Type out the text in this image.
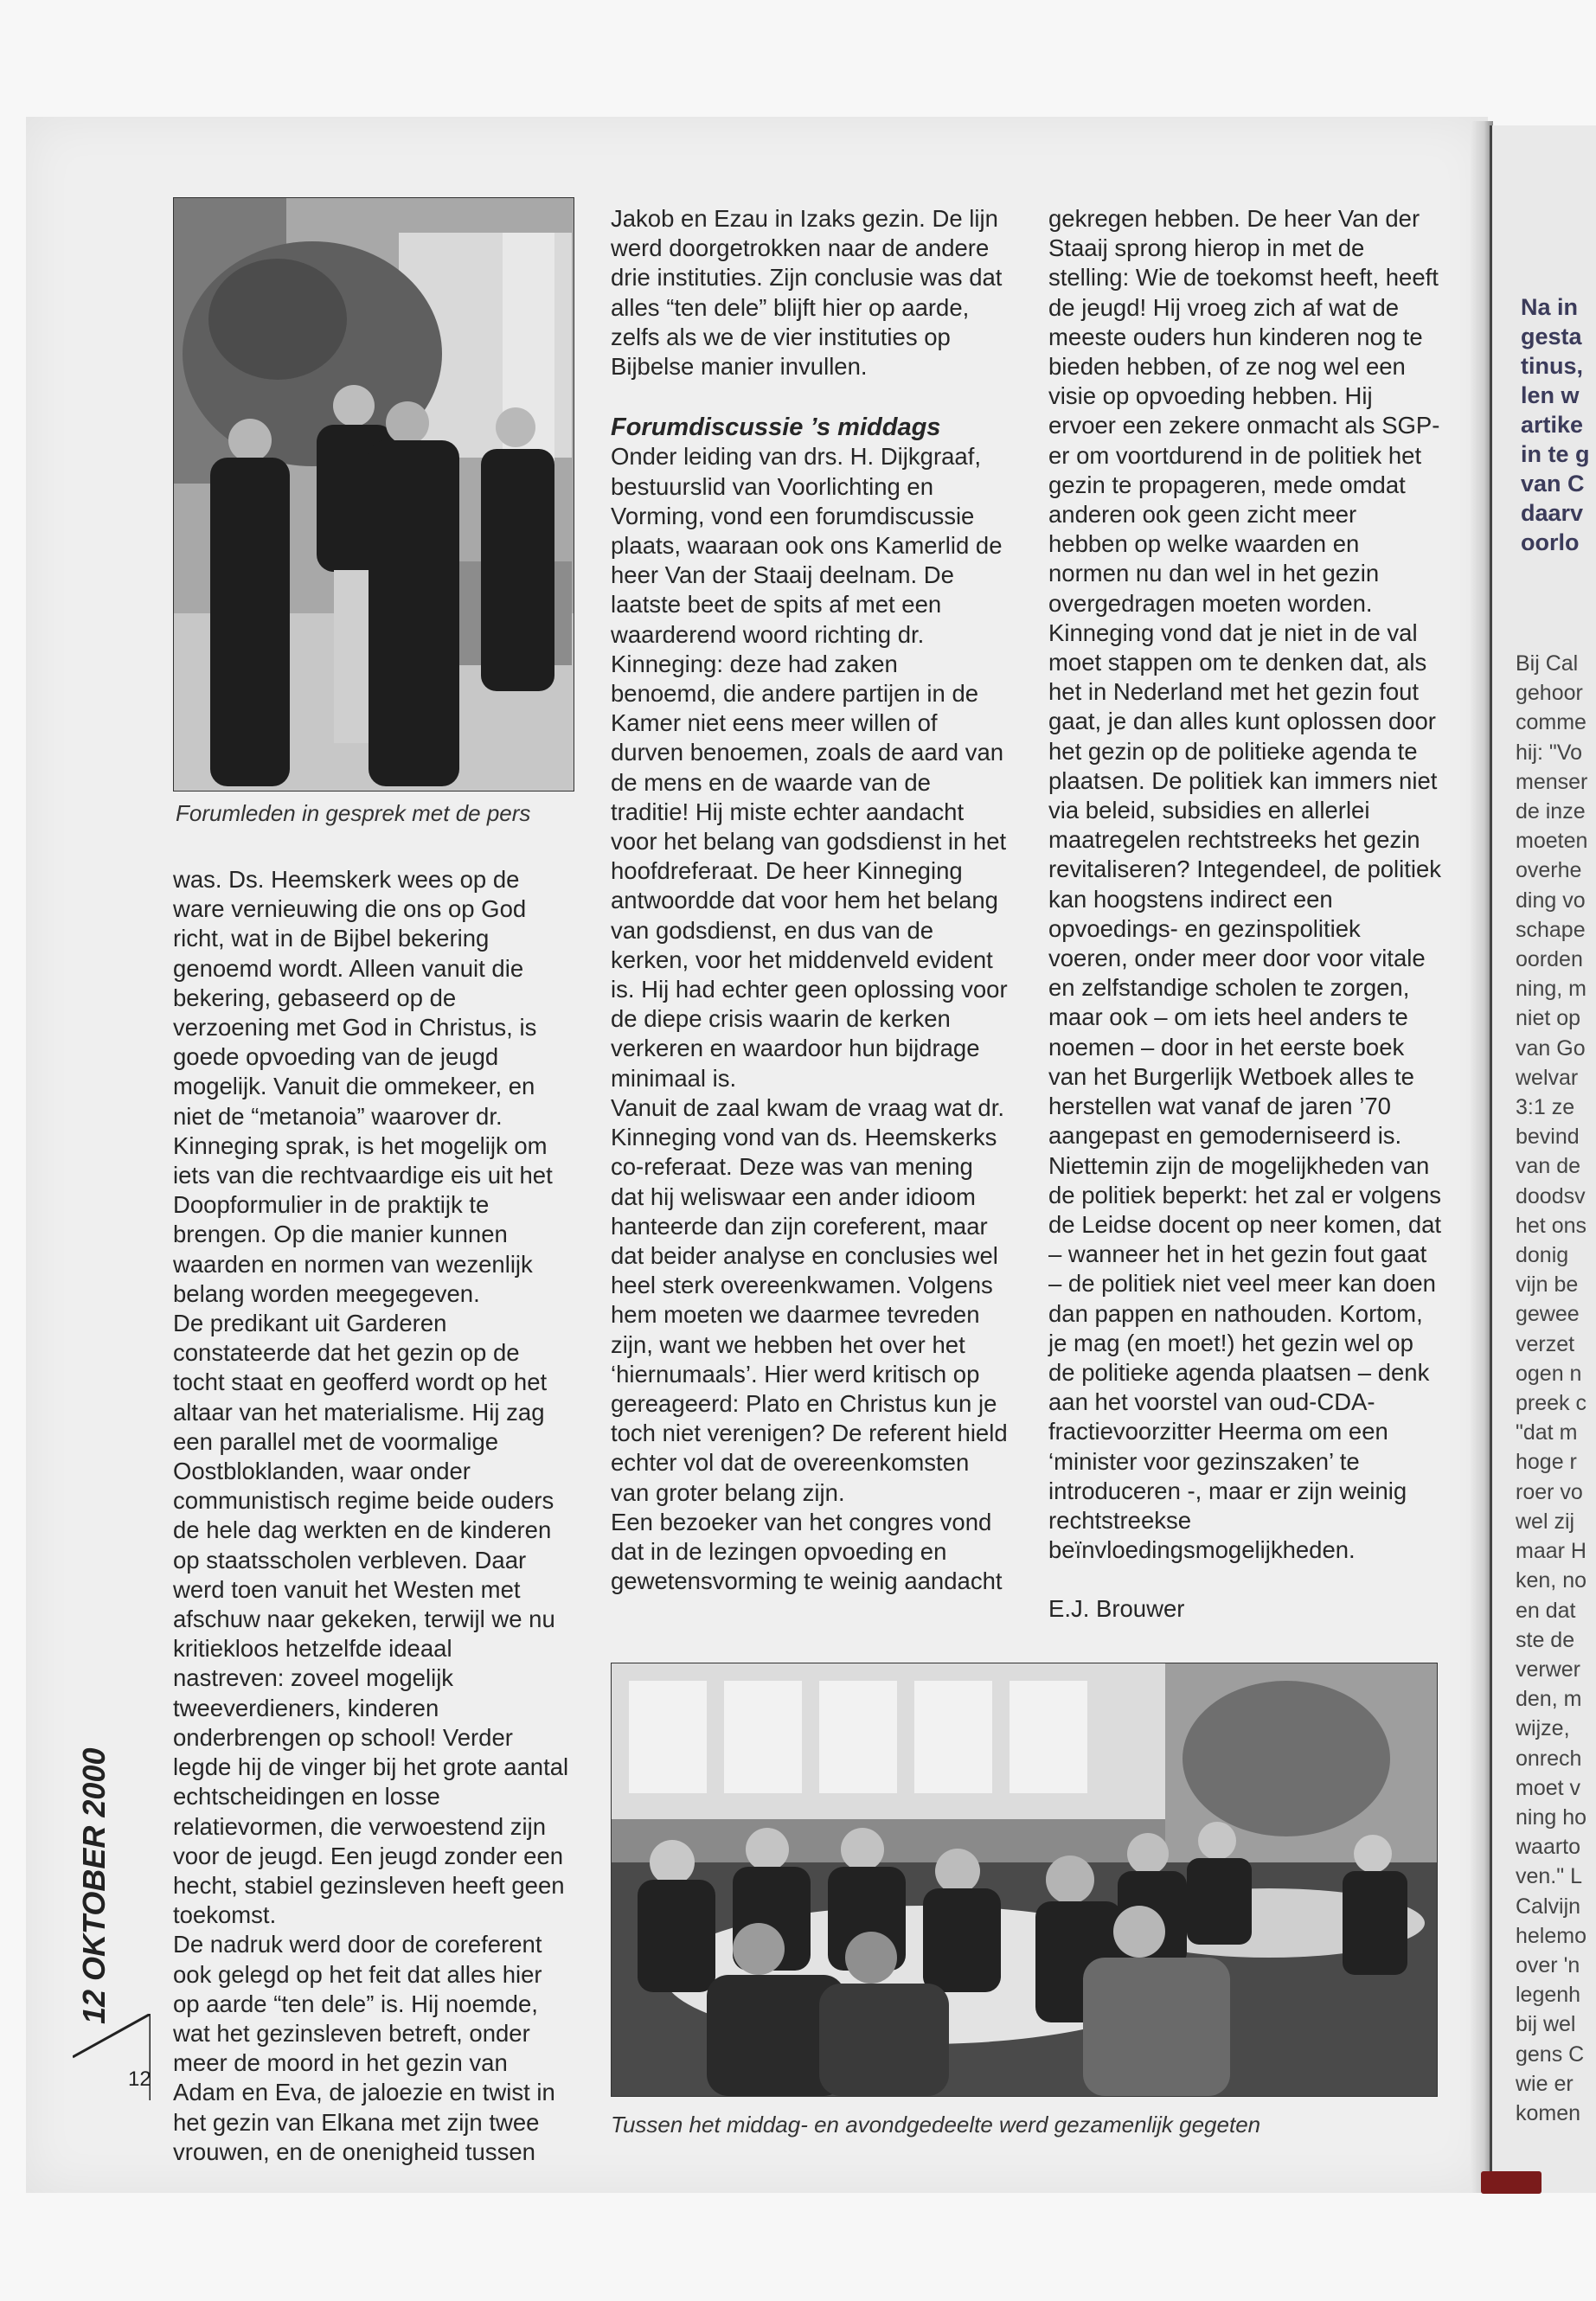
Forumleden in gesprek met de pers

was. Ds. Heemskerk wees op de ware vernieuwing die ons op God richt, wat in de Bijbel bekering genoemd wordt. Alleen vanuit die bekering, gebaseerd op de verzoening met God in Christus, is goede opvoeding van de jeugd mogelijk. Vanuit die ommekeer, en niet de “metanoia” waarover dr. Kinneging sprak, is het mogelijk om iets van die rechtvaardige eis uit het Doopformulier in de praktijk te brengen. Op die manier kunnen waarden en normen van wezenlijk belang worden meegegeven.

De predikant uit Garderen constateerde dat het gezin op de tocht staat en geofferd wordt op het altaar van het materialisme. Hij zag een parallel met de voormalige Oostbloklanden, waar onder communistisch regime beide ouders de hele dag werkten en de kinderen op staatsscholen verbleven. Daar werd toen vanuit het Westen met afschuw naar gekeken, terwijl we nu kritiekloos hetzelfde ideaal nastreven: zoveel mogelijk tweeverdieners, kinderen onderbrengen op school! Verder legde hij de vinger bij het grote aantal echtscheidingen en losse relatievormen, die verwoestend zijn voor de jeugd. Een jeugd zonder een hecht, stabiel gezinsleven heeft geen toekomst.

De nadruk werd door de coreferent ook gelegd op het feit dat alles hier op aarde “ten dele” is. Hij noemde, wat het gezinsleven betreft, onder meer de moord in het gezin van Adam en Eva, de jaloezie en twist in het gezin van Elkana met zijn twee vrouwen, en de onenigheid tussen

Jakob en Ezau in Izaks gezin. De lijn werd doorgetrokken naar de andere drie instituties. Zijn conclusie was dat alles “ten dele” blijft hier op aarde, zelfs als we de vier instituties op Bijbelse manier invullen.

Forumdiscussie ’s middags

Onder leiding van drs. H. Dijkgraaf, bestuurslid van Voorlichting en Vorming, vond een forumdiscussie plaats, waaraan ook ons Kamerlid de heer Van der Staaij deelnam. De laatste beet de spits af met een waarderend woord richting dr. Kinneging: deze had zaken benoemd, die andere partijen in de Kamer niet eens meer willen of durven benoemen, zoals de aard van de mens en de waarde van de traditie! Hij miste echter aandacht voor het belang van godsdienst in het hoofdreferaat. De heer Kinneging antwoordde dat voor hem het belang van godsdienst, en dus van de kerken, voor het middenveld evident is. Hij had echter geen oplossing voor de diepe crisis waarin de kerken verkeren en waardoor hun bijdrage minimaal is.

Vanuit de zaal kwam de vraag wat dr. Kinneging vond van ds. Heemskerks co-referaat. Deze was van mening dat hij weliswaar een ander idioom hanteerde dan zijn coreferent, maar dat beider analyse en conclusies wel heel sterk overeenkwamen. Volgens hem moeten we daarmee tevreden zijn, want we hebben het over het ‘hiernumaals’. Hier werd kritisch op gereageerd: Plato en Christus kun je toch niet verenigen? De referent hield echter vol dat de overeenkomsten van groter belang zijn.

Een bezoeker van het congres vond dat in de lezingen opvoeding en gewetensvorming te weinig aandacht

gekregen hebben. De heer Van der Staaij sprong hierop in met de stelling: Wie de toekomst heeft, heeft de jeugd! Hij vroeg zich af wat de meeste ouders hun kinderen nog te bieden hebben, of ze nog wel een visie op opvoeding hebben. Hij ervoer een zekere onmacht als SGP-er om voortdurend in de politiek het gezin te propageren, mede omdat anderen ook geen zicht meer hebben op welke waarden en normen nu dan wel in het gezin overgedragen moeten worden. Kinneging vond dat je niet in de val moet stappen om te denken dat, als het in Nederland met het gezin fout gaat, je dan alles kunt oplossen door het gezin op de politieke agenda te plaatsen. De politiek kan immers niet via beleid, subsidies en allerlei maatregelen rechtstreeks het gezin revitaliseren? Integendeel, de politiek kan hoogstens indirect een opvoedings- en gezinspolitiek voeren, onder meer door voor vitale en zelfstandige scholen te zorgen, maar ook – om iets heel anders te noemen – door in het eerste boek van het Burgerlijk Wetboek alles te herstellen wat vanaf de jaren ’70 aangepast en gemoderniseerd is. Niettemin zijn de mogelijkheden van de politiek beperkt: het zal er volgens de Leidse docent op neer komen, dat – wanneer het in het gezin fout gaat – de politiek niet veel meer kan doen dan pappen en nathouden. Kortom, je mag (en moet!) het gezin wel op de politieke agenda plaatsen – denk aan het voorstel van oud-CDA-fractievoorzitter Heerma om een ‘minister voor gezinszaken’ te introduceren -, maar er zijn weinig rechtstreekse beïnvloedingsmogelijkheden.

E.J. Brouwer

Tussen het middag- en avondgedeelte werd gezamenlijk gegeten
12 OKTOBER 2000
12

Na in

gesta

tinus,

len w

artike

in te g

van C

daarv

oorlo

Bij Cal

gehoor

comme

hij: "Vo

menser

de inze

moeten

overhe

ding vo

schape

oorden

ning, m

niet op

van Go

welvar

3:1 ze

bevind

van de

doodsv

het ons

donig

vijn be

gewee

verzet

ogen n

preek c

"dat m

hoge r

roer vo

wel zij

maar H

ken, no

en dat

ste de

verwer

den, m

wijze,

onrech

moet v

ning ho

waarto

ven." L

Calvijn

helemo

over 'n

legenh

bij wel

gens C

wie er

komen
